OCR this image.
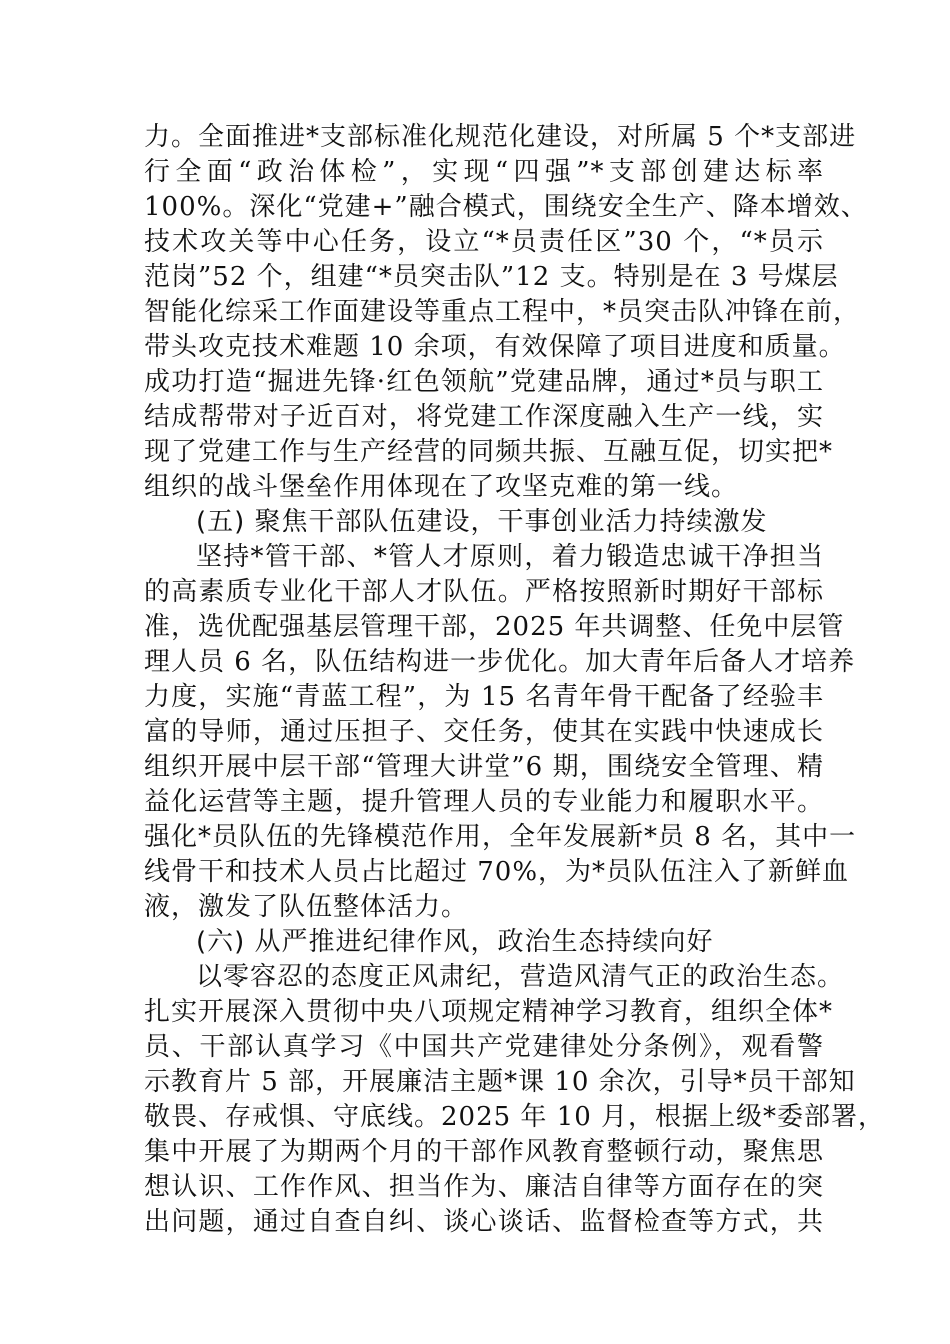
力。全面推进*支部标准化规范化建设，对所属 5 个*支部进
行全面“政治体检”，实现“四强”*支部创建达标率
100%。深化“党建+”融合模式，围绕安全生产、降本增效、
技术攻关等中心任务，设立“*员责任区”30 个，“*员示
范岗”52 个，组建“*员突击队”12 支。特别是在 3 号煤层
智能化综采工作面建设等重点工程中，*员突击队冲锋在前，
带头攻克技术难题 10 余项，有效保障了项目进度和质量。
成功打造“掘进先锋·红色领航”党建品牌，通过*员与职工
结成帮带对子近百对，将党建工作深度融入生产一线，实
现了党建工作与生产经营的同频共振、互融互促，切实把*
组织的战斗堡垒作用体现在了攻坚克难的第一线。
(五) 聚焦干部队伍建设，干事创业活力持续激发
坚持*管干部、*管人才原则，着力锻造忠诚干净担当
的高素质专业化干部人才队伍。严格按照新时期好干部标
准，选优配强基层管理干部，2025 年共调整、任免中层管
理人员 6 名，队伍结构进一步优化。加大青年后备人才培养
力度，实施“青蓝工程”，为 15 名青年骨干配备了经验丰
富的导师，通过压担子、交任务，使其在实践中快速成长
组织开展中层干部“管理大讲堂”6 期，围绕安全管理、精
益化运营等主题，提升管理人员的专业能力和履职水平。
强化*员队伍的先锋模范作用，全年发展新*员 8 名，其中一
线骨干和技术人员占比超过 70%，为*员队伍注入了新鲜血
液，激发了队伍整体活力。
(六) 从严推进纪律作风，政治生态持续向好
以零容忍的态度正风肃纪，营造风清气正的政治生态。
扎实开展深入贯彻中央八项规定精神学习教育，组织全体*
员、干部认真学习《中国共产党建律处分条例》，观看警
示教育片 5 部，开展廉洁主题*课 10 余次，引导*员干部知
敬畏、存戒惧、守底线。2025 年 10 月，根据上级*委部署，
集中开展了为期两个月的干部作风教育整顿行动，聚焦思
想认识、工作作风、担当作为、廉洁自律等方面存在的突
出问题，通过自查自纠、谈心谈话、监督检查等方式，共
